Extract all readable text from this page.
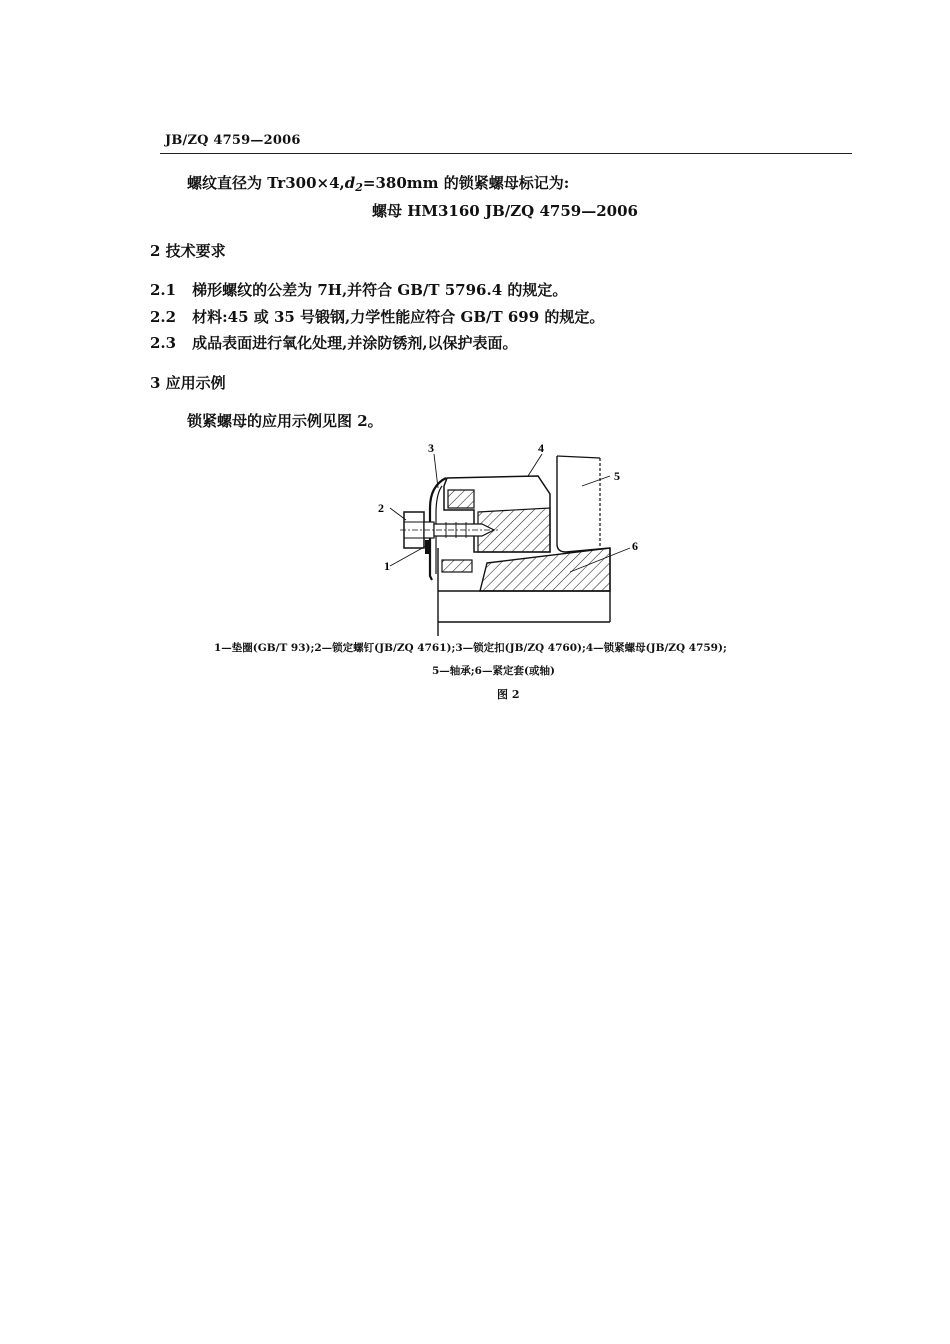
JB/ZQ 4759—2006
螺纹直径为 $Tr300\times 4,d_2=380mm$ 的锁紧螺母标记为:
螺母 HM3160 JB/ZQ 4759—2006
2 技术要求
2.1 梯形螺纹的公差为 7H,并符合 GB/T 5796.4 的规定。
2.2 材料:45 或 35 号锻钢,力学性能应符合 GB/T 699 的规定。
2.3 成品表面进行氧化处理,并涂防锈剂,以保护表面。
3 应用示例
锁紧螺母的应用示例见图 2。
3
2
1
4
5
6
1—垫圈(GB/T 93);2—锁定螺钉(JB/ZQ 4761);3—锁定扣(JB/ZQ 4760);4—锁紧螺母(JB/ZQ 4759);
5—轴承;6—紧定套(或轴)
图 2
